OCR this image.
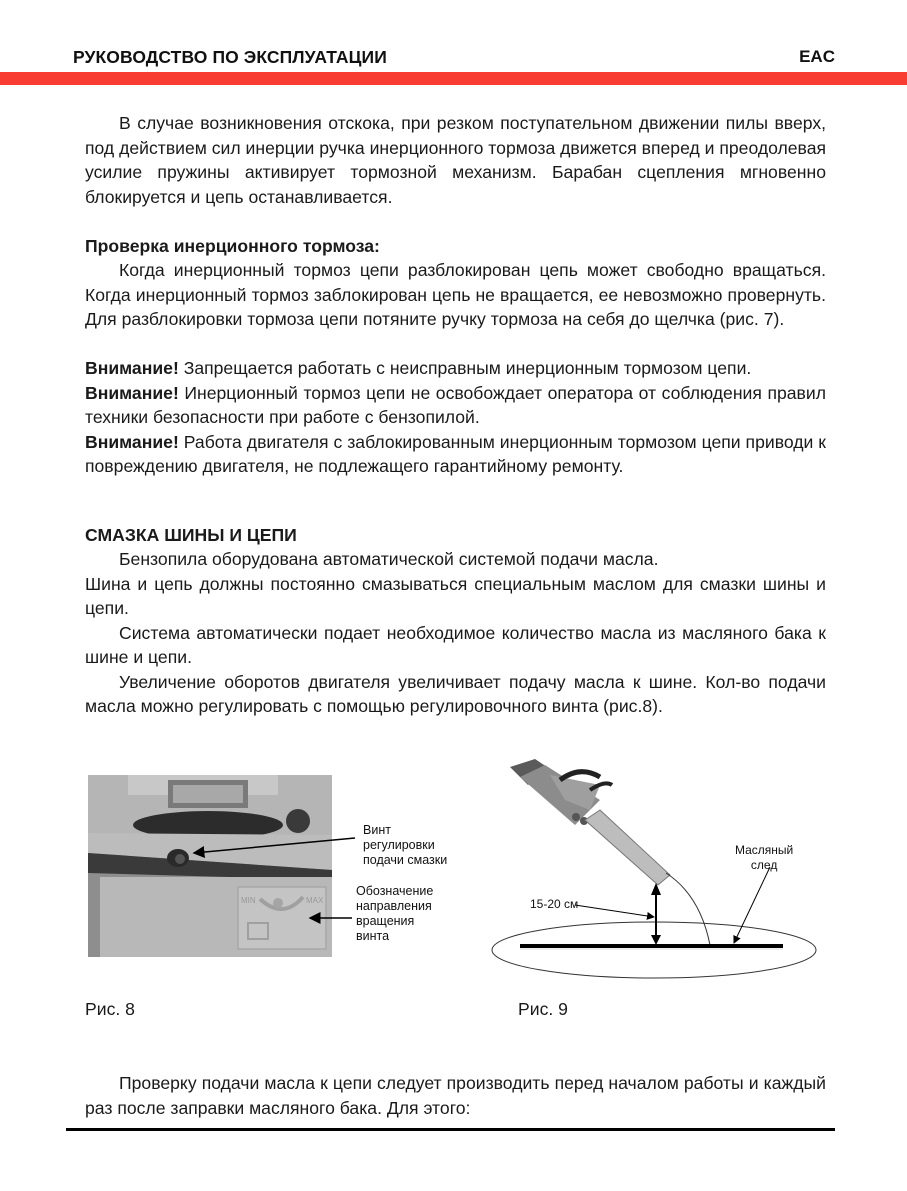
РУКОВОДСТВО ПО ЭКСПЛУАТАЦИИ	EAC

В случае возникновения отскока, при резком поступательном движении пилы вверх, под действием сил инерции ручка инерционного тормоза движется вперед и преодолевая усилие пружины активирует тормозной механизм. Барабан сцепления мгновенно блокируется и цепь останавливается.

Проверка инерционного тормоза:

Когда инерционный тормоз цепи разблокирован цепь может свободно вращаться. Когда инерционный тормоз заблокирован цепь не вращается, ее невозможно провернуть. Для разблокировки тормоза цепи потяните ручку тормоза на себя до щелчка (рис. 7).

Внимание! Запрещается работать с неисправным инерционным тормозом цепи.

Внимание! Инерционный тормоз цепи не освобождает оператора от соблюдения правил техники безопасности при работе с бензопилой.

Внимание! Работа двигателя с заблокированным инерционным тормозом цепи приводи к повреждению двигателя, не подлежащего гарантийному ремонту.

СМАЗКА ШИНЫ И ЦЕПИ

Бензопила оборудована автоматической системой подачи масла.

Шина и цепь должны постоянно смазываться специальным маслом для смазки шины и цепи.

Система автоматически подает необходимое количество масла из масляного бака к шине и цепи.

Увеличение оборотов двигателя увеличивает подачу масла к шине. Кол-во подачи масла можно регулировать с помощью регулировочного винта (рис.8).

MIN	MAX
Винт
регулировки
подачи смазки
Обозначение
направления
вращения
винта
15-20 см
Масляный
след
Рис. 8	Рис. 9

Проверку подачи масла к цепи следует производить перед началом работы и каждый раз после заправки масляного бака. Для этого:
